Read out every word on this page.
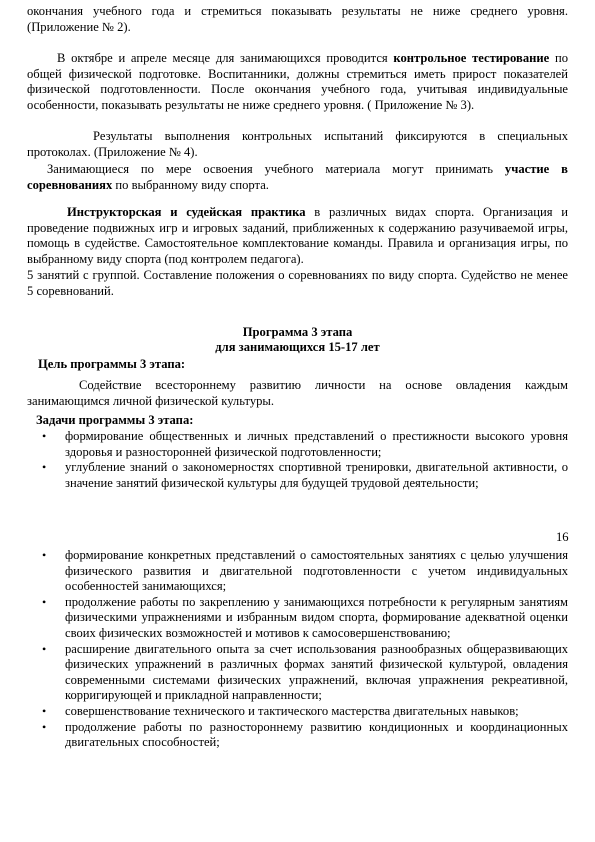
окончания учебного года и стремиться показывать результаты не ниже среднего уровня. (Приложение № 2).

В октябре и апреле месяце для занимающихся проводится контрольное тестирование по общей физической подготовке. Воспитанники, должны стремиться иметь прирост показателей физической подготовленности. После окончания учебного года, учитывая индивидуальные особенности, показывать результаты не ниже среднего уровня. ( Приложение № 3).

Результаты выполнения контрольных испытаний фиксируются в специальных протоколах. (Приложение № 4).

Занимающиеся по мере освоения учебного материала могут принимать участие в соревнованиях по выбранному виду спорта.

Инструкторская и судейская практика в различных видах спорта. Организация и проведение подвижных игр и игровых заданий, приближенных к содержанию разучиваемой игры, помощь в судействе. Самостоятельное комплектование команды. Правила и организация игры, по выбранному виду спорта (под контролем педагога).

5 занятий с группой. Составление положения о соревнованиях по виду спорта. Судейство не менее 5 соревнований.

Программа 3 этапа
для занимающихся 15-17 лет
Цель программы 3 этапа:

Содействие всестороннему развитию личности на основе овладения каждым занимающимся личной физической культуры.

Задачи программы 3 этапа:
• формирование общественных и личных представлений о престижности высокого уровня здоровья и разносторонней физической подготовленности;
• углубление знаний о закономерностях спортивной тренировки, двигательной активности, о значение занятий физической культуры для будущей трудовой деятельности;
16
• формирование конкретных представлений о самостоятельных занятиях с целью улучшения физического развития и двигательной подготовленности с учетом индивидуальных особенностей занимающихся;
• продолжение работы по закреплению у занимающихся потребности к регулярным занятиям физическими упражнениями и избранным видом спорта, формирование адекватной оценки своих физических возможностей и мотивов к самосовершенствованию;
• расширение двигательного опыта за счет использования разнообразных общеразвивающих физических упражнений в различных формах занятий физической культурой, овладения современными системами физических упражнений, включая упражнения рекреативной, корригирующей и прикладной направленности;
• совершенствование технического и тактического мастерства двигательных навыков;
• продолжение работы по разностороннему развитию кондиционных и координационных двигательных способностей;
